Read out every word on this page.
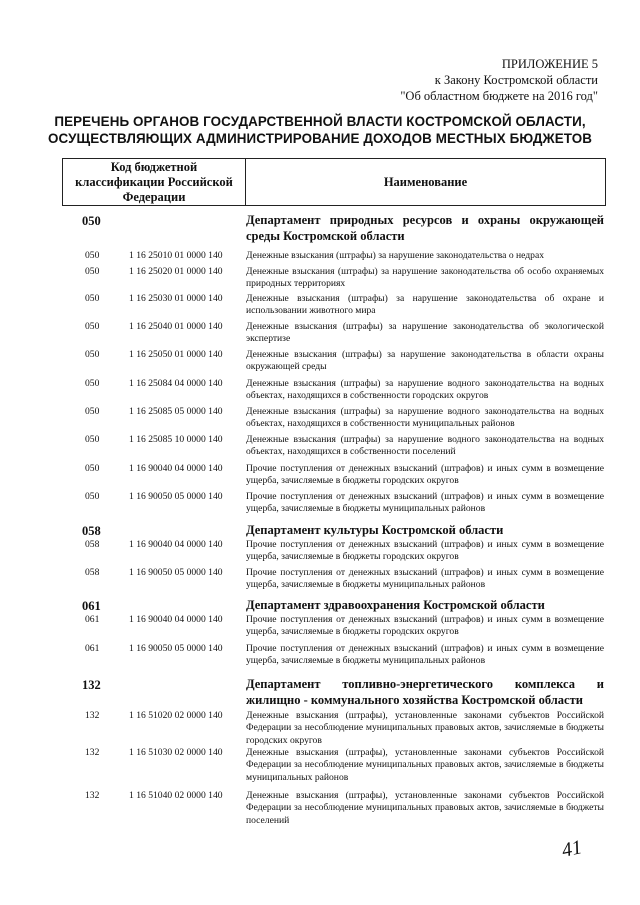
ПРИЛОЖЕНИЕ 5
к Закону Костромской области
"Об областном бюджете на 2016 год"
ПЕРЕЧЕНЬ ОРГАНОВ ГОСУДАРСТВЕННОЙ ВЛАСТИ КОСТРОМСКОЙ ОБЛАСТИ,
ОСУЩЕСТВЛЯЮЩИХ АДМИНИСТРИРОВАНИЕ ДОХОДОВ МЕСТНЫХ БЮДЖЕТОВ
Код бюджетной классификации Российской Федерации
	Наименование
050	Департамент природных ресурсов и охраны окружающей среды Костромской области
050	1 16 25010 01 0000 140 Денежные взыскания (штрафы) за нарушение законодательства о недрах
050	1 16 25020 01 0000 140 Денежные взыскания (штрафы) за нарушение законодательства об особо охраняемых природных территориях
050	1 16 25030 01 0000 140 Денежные взыскания (штрафы) за нарушение законодательства об охране и использовании животного мира
050	1 16 25040 01 0000 140 Денежные взыскания (штрафы) за нарушение законодательства об экологической экспертизе
050	1 16 25050 01 0000 140 Денежные взыскания (штрафы) за нарушение законодательства в области охраны окружающей среды
050	1 16 25084 04 0000 140 Денежные взыскания (штрафы) за нарушение водного законодательства на водных объектах, находящихся в собственности городских округов
050	1 16 25085 05 0000 140 Денежные взыскания (штрафы) за нарушение водного законодательства на водных объектах, находящихся в собственности муниципальных районов
050	1 16 25085 10 0000 140 Денежные взыскания (штрафы) за нарушение водного законодательства на водных объектах, находящихся в собственности поселений
050	1 16 90040 04 0000 140 Прочие поступления от денежных взысканий (штрафов) и иных сумм в возмещение ущерба, зачисляемые в бюджеты городских округов
050	1 16 90050 05 0000 140 Прочие поступления от денежных взысканий (штрафов) и иных сумм в возмещение ущерба, зачисляемые в бюджеты муниципальных районов
058	Департамент культуры Костромской области
058	1 16 90040 04 0000 140 Прочие поступления от денежных взысканий (штрафов) и иных сумм в возмещение ущерба, зачисляемые в бюджеты городских округов
058	1 16 90050 05 0000 140 Прочие поступления от денежных взысканий (штрафов) и иных сумм в возмещение ущерба, зачисляемые в бюджеты муниципальных районов
061	Департамент здравоохранения Костромской области
061	1 16 90040 04 0000 140 Прочие поступления от денежных взысканий (штрафов) и иных сумм в возмещение ущерба, зачисляемые в бюджеты городских округов
061	1 16 90050 05 0000 140 Прочие поступления от денежных взысканий (штрафов) и иных сумм в возмещение ущерба, зачисляемые в бюджеты муниципальных районов
132	Департамент топливно-энергетического комплекса и жилищно - коммунального хозяйства Костромской области
132	1 16 51020 02 0000 140 Денежные взыскания (штрафы), установленные законами субъектов Российской Федерации за несоблюдение муниципальных правовых актов, зачисляемые в бюджеты городских округов
132	1 16 51030 02 0000 140 Денежные взыскания (штрафы), установленные законами субъектов Российской Федерации за несоблюдение муниципальных правовых актов, зачисляемые в бюджеты муниципальных районов
132	1 16 51040 02 0000 140 Денежные взыскания (штрафы), установленные законами субъектов Российской Федерации за несоблюдение муниципальных правовых актов, зачисляемые в бюджеты поселений
41
